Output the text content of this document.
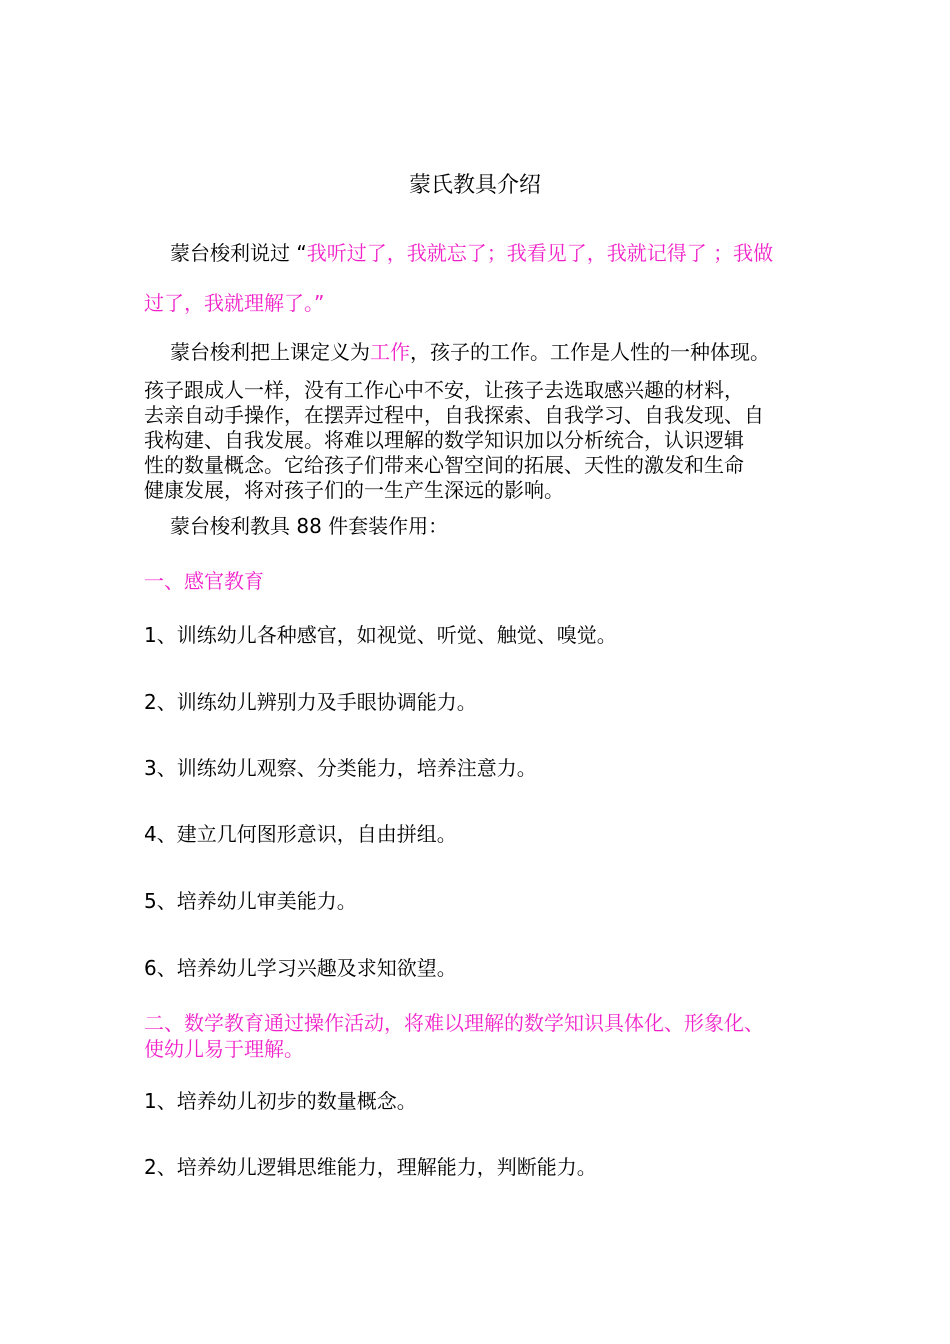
蒙氏教具介绍
蒙台梭利说过 “我听过了，我就忘了；我看见了，我就记得了 ；我做
过了，我就理解了。”
蒙台梭利把上课定义为工作，孩子的工作。工作是人性的一种体现。
孩子跟成人一样，没有工作心中不安，让孩子去选取感兴趣的材料，
去亲自动手操作，在摆弄过程中，自我探索、自我学习、自我发现、自
我构建、自我发展。将难以理解的数学知识加以分析统合，认识逻辑
性的数量概念。它给孩子们带来心智空间的拓展、天性的激发和生命
健康发展，将对孩子们的一生产生深远的影响。
蒙台梭利教具 88 件套装作用：
一、感官教育
1、训练幼儿各种感官，如视觉、听觉、触觉、嗅觉。
2、训练幼儿辨别力及手眼协调能力。
3、训练幼儿观察、分类能力，培养注意力。
4、建立几何图形意识，自由拼组。
5、培养幼儿审美能力。
6、培养幼儿学习兴趣及求知欲望。
二、数学教育通过操作活动，将难以理解的数学知识具体化、形象化、
使幼儿易于理解。
1、培养幼儿初步的数量概念。
2、培养幼儿逻辑思维能力，理解能力，判断能力。
